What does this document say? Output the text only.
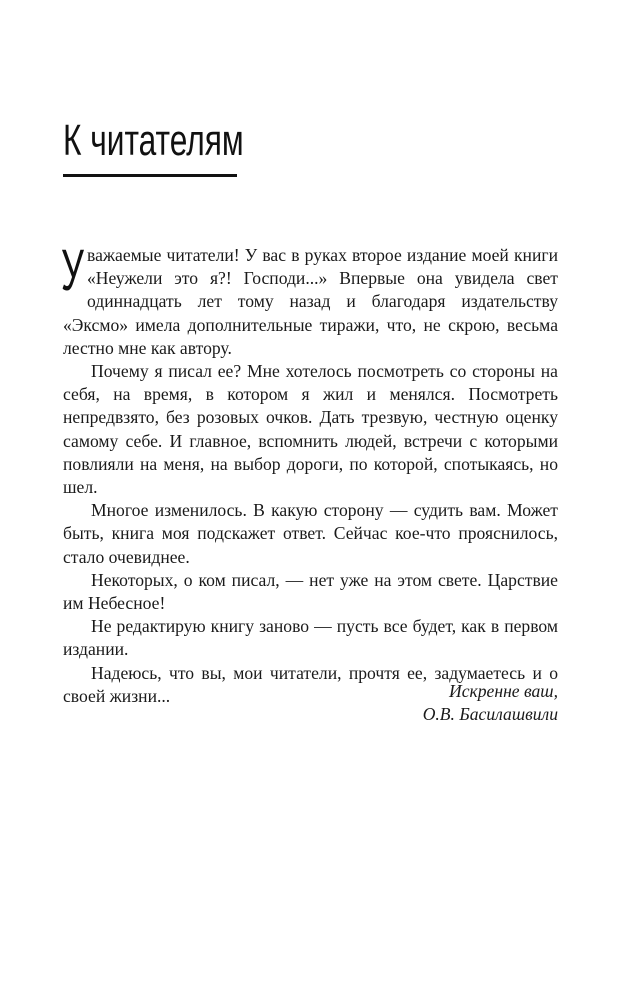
К читателям

Уважаемые читатели! У вас в руках второе издание моей книги «Неужели это я?! Господи...» Впервые она увидела свет одиннадцать лет тому назад и благодаря издательству «Эксмо» имела дополнительные тиражи, что, не скрою, весьма лестно мне как автору.

Почему я писал ее? Мне хотелось посмотреть со стороны на себя, на время, в котором я жил и менялся. Посмотреть непредвзято, без розовых очков. Дать трезвую, честную оценку самому себе. И главное, вспомнить людей, встречи с которыми повлияли на меня, на выбор дороги, по которой, спотыкаясь, но шел.

Многое изменилось. В какую сторону — судить вам. Может быть, книга моя подскажет ответ. Сейчас кое-что прояснилось, стало очевиднее.

Некоторых, о ком писал, — нет уже на этом свете. Царствие им Небесное!

Не редактирую книгу заново — пусть все будет, как в первом издании.

Надеюсь, что вы, мои читатели, прочтя ее, задумаетесь и о своей жизни...	Искренне ваш,
О.В. Басилашвили
